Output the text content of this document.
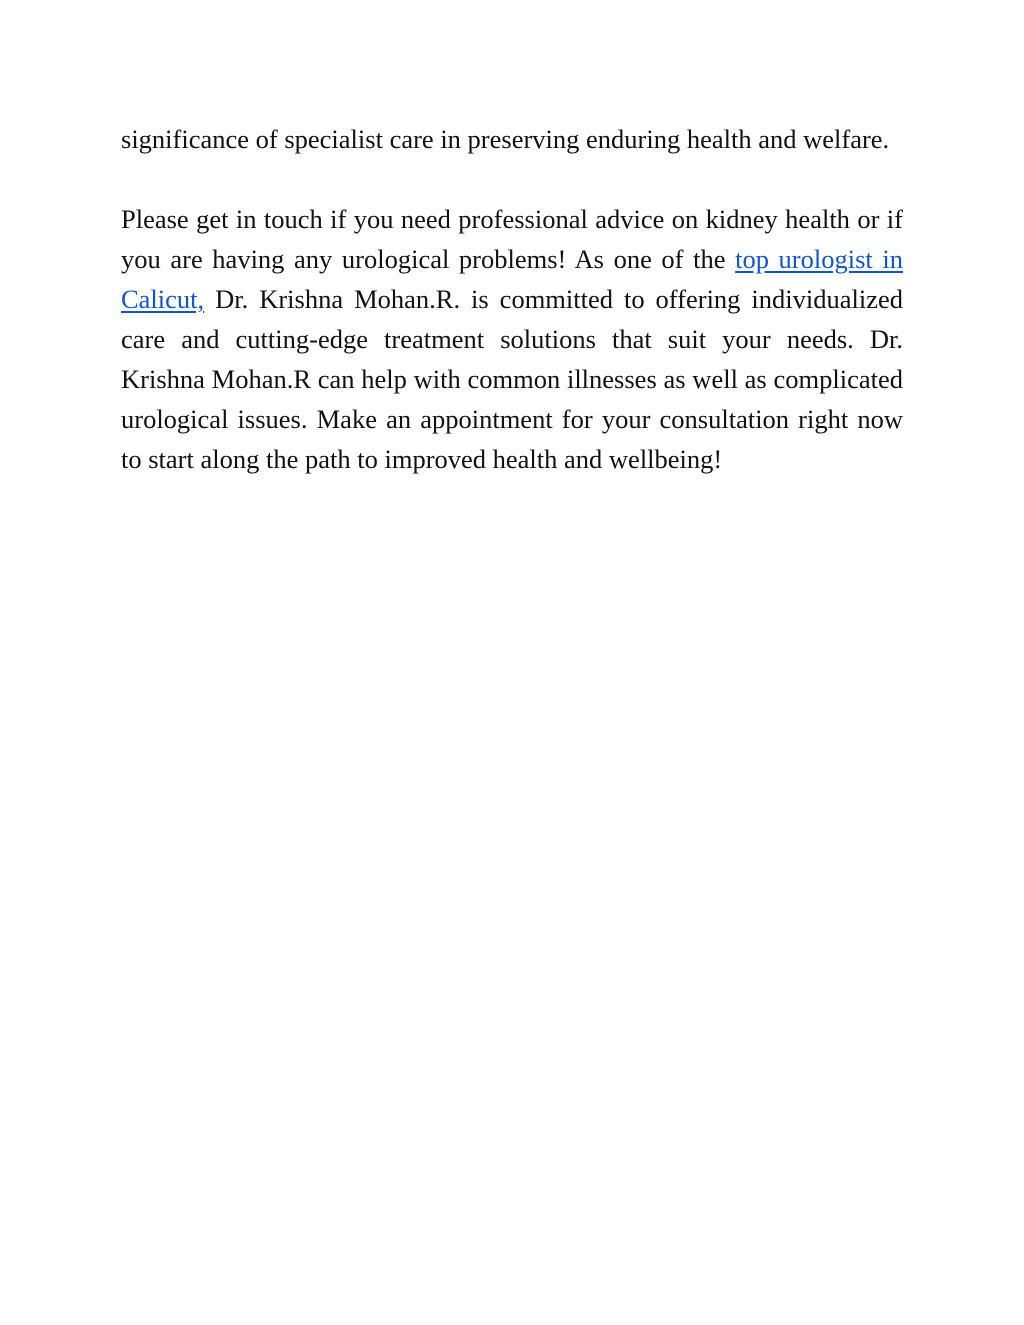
significance of specialist care in preserving enduring health and welfare.

Please get in touch if you need professional advice on kidney health or if you are having any urological problems! As one of the top urologist in Calicut, Dr. Krishna Mohan.R. is committed to offering individualized care and cutting-edge treatment solutions that suit your needs. Dr. Krishna Mohan.R can help with common illnesses as well as complicated urological issues. Make an appointment for your consultation right now to start along the path to improved health and wellbeing!
